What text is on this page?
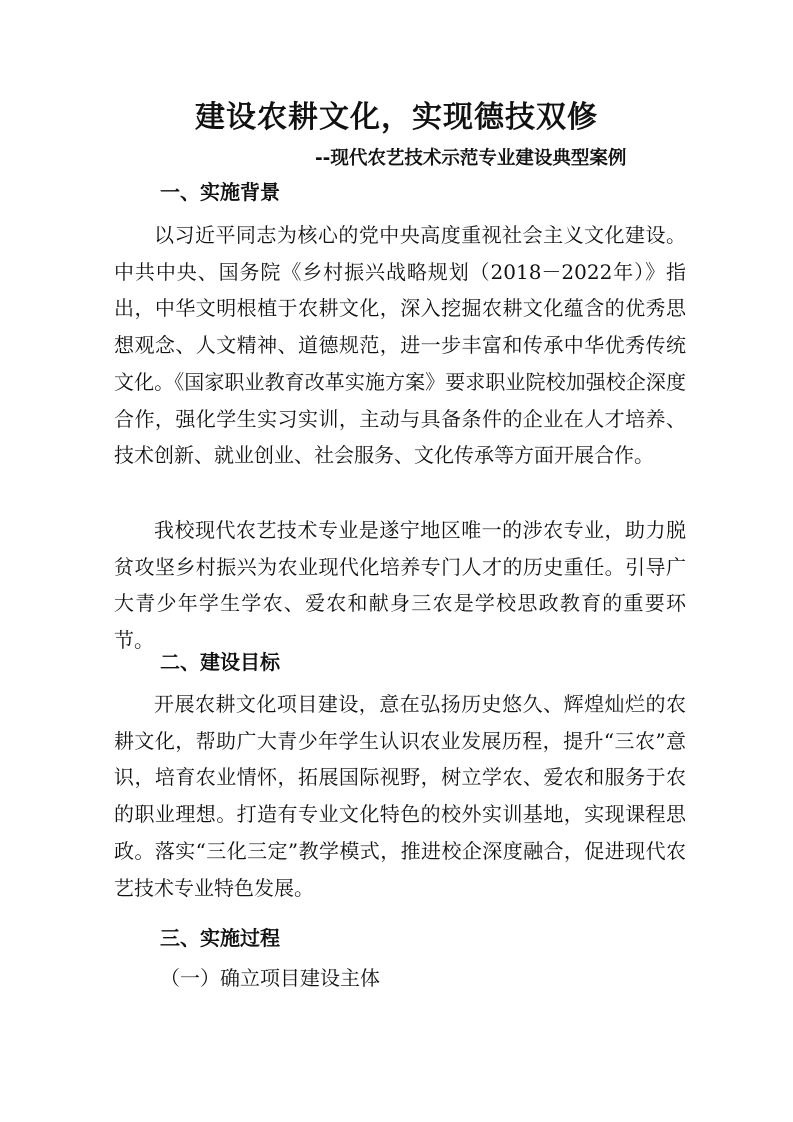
建设农耕文化，实现德技双修

--现代农艺技术示范专业建设典型案例

一、实施背景

以习近平同志为核心的党中央高度重视社会主义文化建设。中共中央、国务院《乡村振兴战略规划（2018－2022年）》指出，中华文明根植于农耕文化，深入挖掘农耕文化蕴含的优秀思想观念、人文精神、道德规范，进一步丰富和传承中华优秀传统文化。《国家职业教育改革实施方案》要求职业院校加强校企深度合作，强化学生实习实训，主动与具备条件的企业在人才培养、技术创新、就业创业、社会服务、文化传承等方面开展合作。

我校现代农艺技术专业是遂宁地区唯一的涉农专业，助力脱贫攻坚乡村振兴为农业现代化培养专门人才的历史重任。引导广大青少年学生学农、爱农和献身三农是学校思政教育的重要环节。

二、建设目标

开展农耕文化项目建设，意在弘扬历史悠久、辉煌灿烂的农耕文化，帮助广大青少年学生认识农业发展历程，提升“三农”意识，培育农业情怀，拓展国际视野，树立学农、爱农和服务于农的职业理想。打造有专业文化特色的校外实训基地，实现课程思政。落实“三化三定”教学模式，推进校企深度融合，促进现代农艺技术专业特色发展。

三、实施过程

（一）确立项目建设主体
